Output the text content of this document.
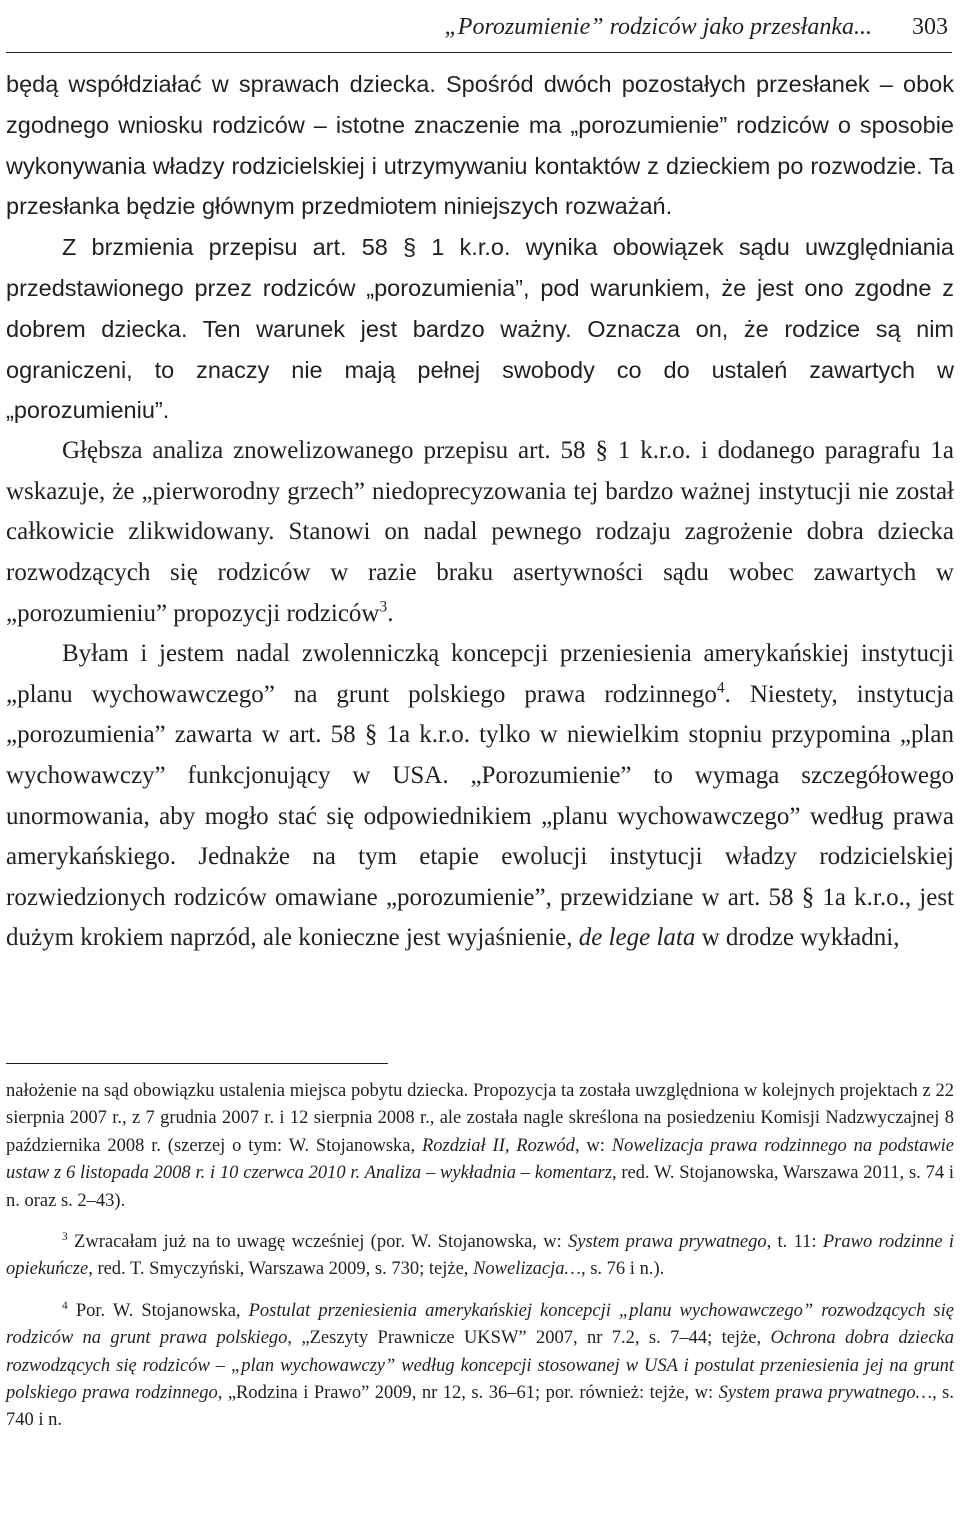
„Porozumienie” rodziców jako przesłanka... 303

będą współdziałać w sprawach dziecka. Spośród dwóch pozostałych przesłanek – obok zgodnego wniosku rodziców – istotne znaczenie ma „porozumienie” rodziców o sposobie wykonywania władzy rodzicielskiej i utrzymywaniu kontaktów z dzieckiem po rozwodzie. Ta przesłanka będzie głównym przedmiotem niniejszych rozważań.

Z brzmienia przepisu art. 58 § 1 k.r.o. wynika obowiązek sądu uwzględniania przedstawionego przez rodziców „porozumienia”, pod warunkiem, że jest ono zgodne z dobrem dziecka. Ten warunek jest bardzo ważny. Oznacza on, że rodzice są nim ograniczeni, to znaczy nie mają pełnej swobody co do ustaleń zawartych w „porozumieniu”.

Głębsza analiza znowelizowanego przepisu art. 58 § 1 k.r.o. i dodanego paragrafu 1a wskazuje, że „pierworodny grzech” niedoprecyzowania tej bardzo ważnej instytucji nie został całkowicie zlikwidowany. Stanowi on nadal pewnego rodzaju zagrożenie dobra dziecka rozwodzących się rodziców w razie braku asertywności sądu wobec zawartych w „porozumieniu” propozycji rodziców$^3$.

Byłam i jestem nadal zwolenniczką koncepcji przeniesienia amerykańskiej instytucji „planu wychowawczego” na grunt polskiego prawa rodzinnego$^4$. Niestety, instytucja „porozumienia” zawarta w art. 58 § 1a k.r.o. tylko w niewielkim stopniu przypomina „plan wychowawczy” funkcjonujący w USA. „Porozumienie” to wymaga szczegółowego unormowania, aby mogło stać się odpowiednikiem „planu wychowawczego” według prawa amerykańskiego. Jednakże na tym etapie ewolucji instytucji władzy rodzicielskiej rozwiedzionych rodziców omawiane „porozumienie”, przewidziane w art. 58 § 1a k.r.o., jest dużym krokiem naprzód, ale konieczne jest wyjaśnienie, de lege lata w drodze wykładni,

nałożenie na sąd obowiązku ustalenia miejsca pobytu dziecka. Propozycja ta została uwzględniona w kolejnych projektach z 22 sierpnia 2007 r., z 7 grudnia 2007 r. i 12 sierpnia 2008 r., ale została nagle skreślona na posiedzeniu Komisji Nadzwyczajnej 8 października 2008 r. (szerzej o tym: W. Stojanowska, Rozdział II, Rozwód, w: Nowelizacja prawa rodzinnego na podstawie ustaw z 6 listopada 2008 r. i 10 czerwca 2010 r. Analiza – wykładnia – komentarz, red. W. Stojanowska, Warszawa 2011, s. 74 i n. oraz s. 2–43).

$^3$ Zwracałam już na to uwagę wcześniej (por. W. Stojanowska, w: System prawa prywatnego, t. 11: Prawo rodzinne i opiekuńcze, red. T. Smyczyński, Warszawa 2009, s. 730; tejże, Nowelizacja…, s. 76 i n.).

$^4$ Por. W. Stojanowska, Postulat przeniesienia amerykańskiej koncepcji „planu wychowawczego” rozwodzących się rodziców na grunt prawa polskiego, „Zeszyty Prawnicze UKSW” 2007, nr 7.2, s. 7–44; tejże, Ochrona dobra dziecka rozwodzących się rodziców – „plan wychowawczy” według koncepcji stosowanej w USA i postulat przeniesienia jej na grunt polskiego prawa rodzinnego, „Rodzina i Prawo” 2009, nr 12, s. 36–61; por. również: tejże, w: System prawa prywatnego…, s. 740 i n.
